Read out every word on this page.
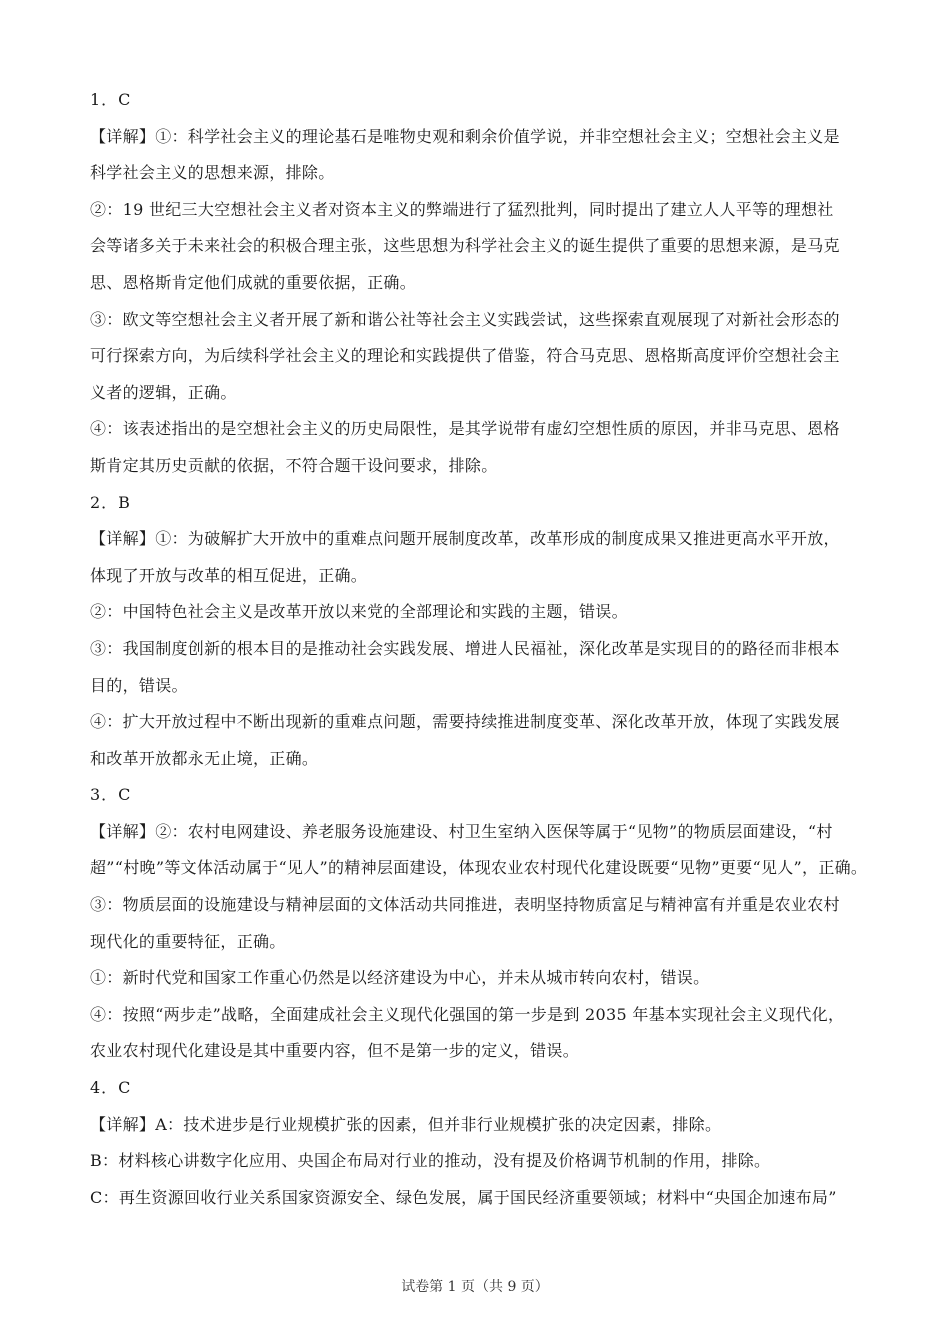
1．C
【详解】①：科学社会主义的理论基石是唯物史观和剩余价值学说，并非空想社会主义；空想社会主义是
科学社会主义的思想来源，排除。
②：19 世纪三大空想社会主义者对资本主义的弊端进行了猛烈批判，同时提出了建立人人平等的理想社
会等诸多关于未来社会的积极合理主张，这些思想为科学社会主义的诞生提供了重要的思想来源，是马克
思、恩格斯肯定他们成就的重要依据，正确。
③：欧文等空想社会主义者开展了新和谐公社等社会主义实践尝试，这些探索直观展现了对新社会形态的
可行探索方向，为后续科学社会主义的理论和实践提供了借鉴，符合马克思、恩格斯高度评价空想社会主
义者的逻辑，正确。
④：该表述指出的是空想社会主义的历史局限性，是其学说带有虚幻空想性质的原因，并非马克思、恩格
斯肯定其历史贡献的依据，不符合题干设问要求，排除。
2．B
【详解】①：为破解扩大开放中的重难点问题开展制度改革，改革形成的制度成果又推进更高水平开放，
体现了开放与改革的相互促进，正确。
②：中国特色社会主义是改革开放以来党的全部理论和实践的主题，错误。
③：我国制度创新的根本目的是推动社会实践发展、增进人民福祉，深化改革是实现目的的路径而非根本
目的，错误。
④：扩大开放过程中不断出现新的重难点问题，需要持续推进制度变革、深化改革开放，体现了实践发展
和改革开放都永无止境，正确。
3．C
【详解】②：农村电网建设、养老服务设施建设、村卫生室纳入医保等属于“见物”的物质层面建设，“村
超”“村晚”等文体活动属于“见人”的精神层面建设，体现农业农村现代化建设既要“见物”更要“见人”，正确。
③：物质层面的设施建设与精神层面的文体活动共同推进，表明坚持物质富足与精神富有并重是农业农村
现代化的重要特征，正确。
①：新时代党和国家工作重心仍然是以经济建设为中心，并未从城市转向农村，错误。
④：按照“两步走”战略，全面建成社会主义现代化强国的第一步是到 2035 年基本实现社会主义现代化，
农业农村现代化建设是其中重要内容，但不是第一步的定义，错误。
4．C
【详解】A：技术进步是行业规模扩张的因素，但并非行业规模扩张的决定因素，排除。
B：材料核心讲数字化应用、央国企布局对行业的推动，没有提及价格调节机制的作用，排除。
C：再生资源回收行业关系国家资源安全、绿色发展，属于国民经济重要领域；材料中“央国企加速布局”
试卷第 1 页（共 9 页）
